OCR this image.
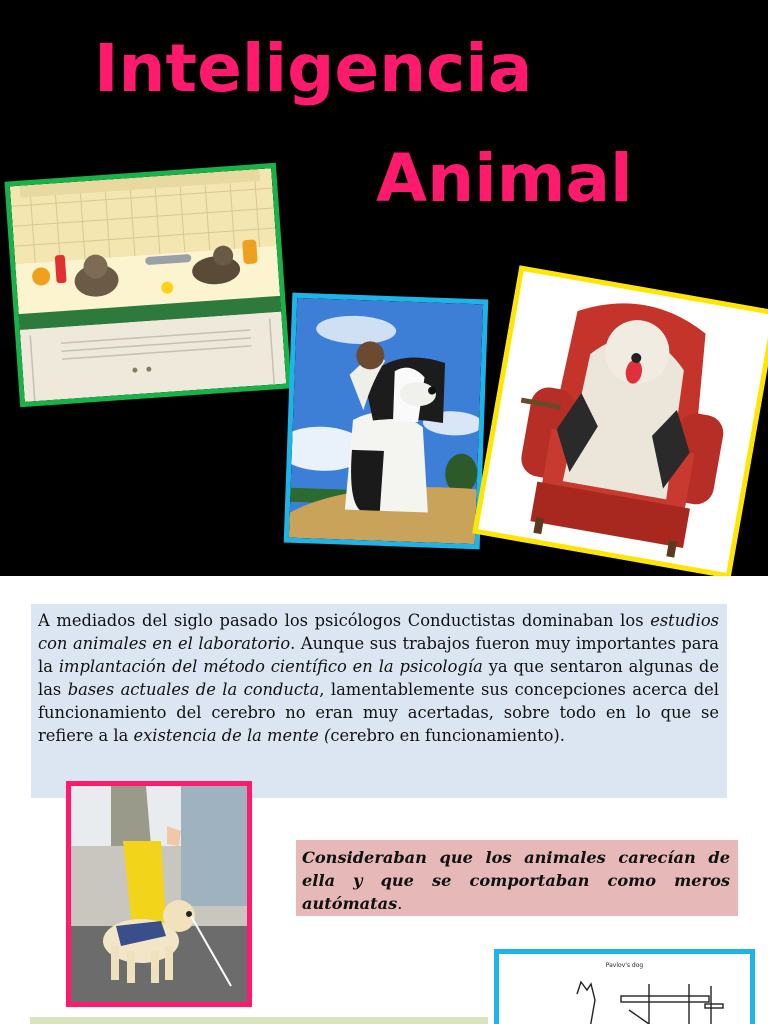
Inteligencia
Animal

A mediados del siglo pasado los psicólogos Conductistas dominaban los estudios con animales en el laboratorio. Aunque sus trabajos fueron muy importantes para la implantación del método científico en la psicología ya que sentaron algunas de las bases actuales de la conducta, lamentablemente sus concepciones acerca del funcionamiento del cerebro no eran muy acertadas, sobre todo en lo que se refiere a la existencia de la mente (cerebro en funcionamiento).

Consideraban que los animales carecían de ella y que se comportaban como meros autómatas.

Pavlov's dog
